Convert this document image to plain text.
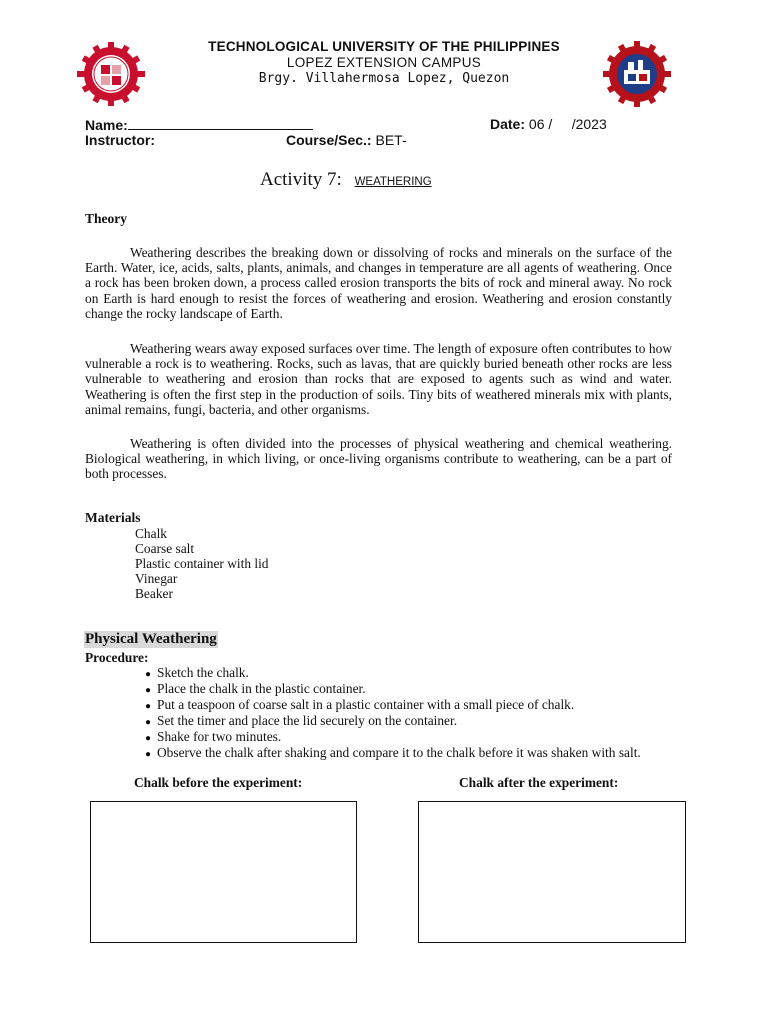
TECHNOLOGICAL UNIVERSITY OF THE PHILIPPINES
LOPEZ EXTENSION CAMPUS
Brgy. Villahermosa Lopez, Quezon
Name:	Date: 06 /     /2023
Instructor:	Course/Sec.: BET-
Activity 7: WEATHERING
Theory
Weathering describes the breaking down or dissolving of rocks and minerals on the surface of the Earth. Water, ice, acids, salts, plants, animals, and changes in temperature are all agents of weathering. Once a rock has been broken down, a process called erosion transports the bits of rock and mineral away. No rock on Earth is hard enough to resist the forces of weathering and erosion. Weathering and erosion constantly change the rocky landscape of Earth.
Weathering wears away exposed surfaces over time. The length of exposure often contributes to how vulnerable a rock is to weathering. Rocks, such as lavas, that are quickly buried beneath other rocks are less vulnerable to weathering and erosion than rocks that are exposed to agents such as wind and water. Weathering is often the first step in the production of soils. Tiny bits of weathered minerals mix with plants, animal remains, fungi, bacteria, and other organisms.
Weathering is often divided into the processes of physical weathering and chemical weathering. Biological weathering, in which living, or once-living organisms contribute to weathering, can be a part of both processes.
Materials
Chalk
Coarse salt
Plastic container with lid
Vinegar
Beaker
Physical Weathering
Procedure:
● Sketch the chalk.
● Place the chalk in the plastic container.
● Put a teaspoon of coarse salt in a plastic container with a small piece of chalk.
● Set the timer and place the lid securely on the container.
● Shake for two minutes.
● Observe the chalk after shaking and compare it to the chalk before it was shaken with salt.
Chalk before the experiment:	Chalk after the experiment:
